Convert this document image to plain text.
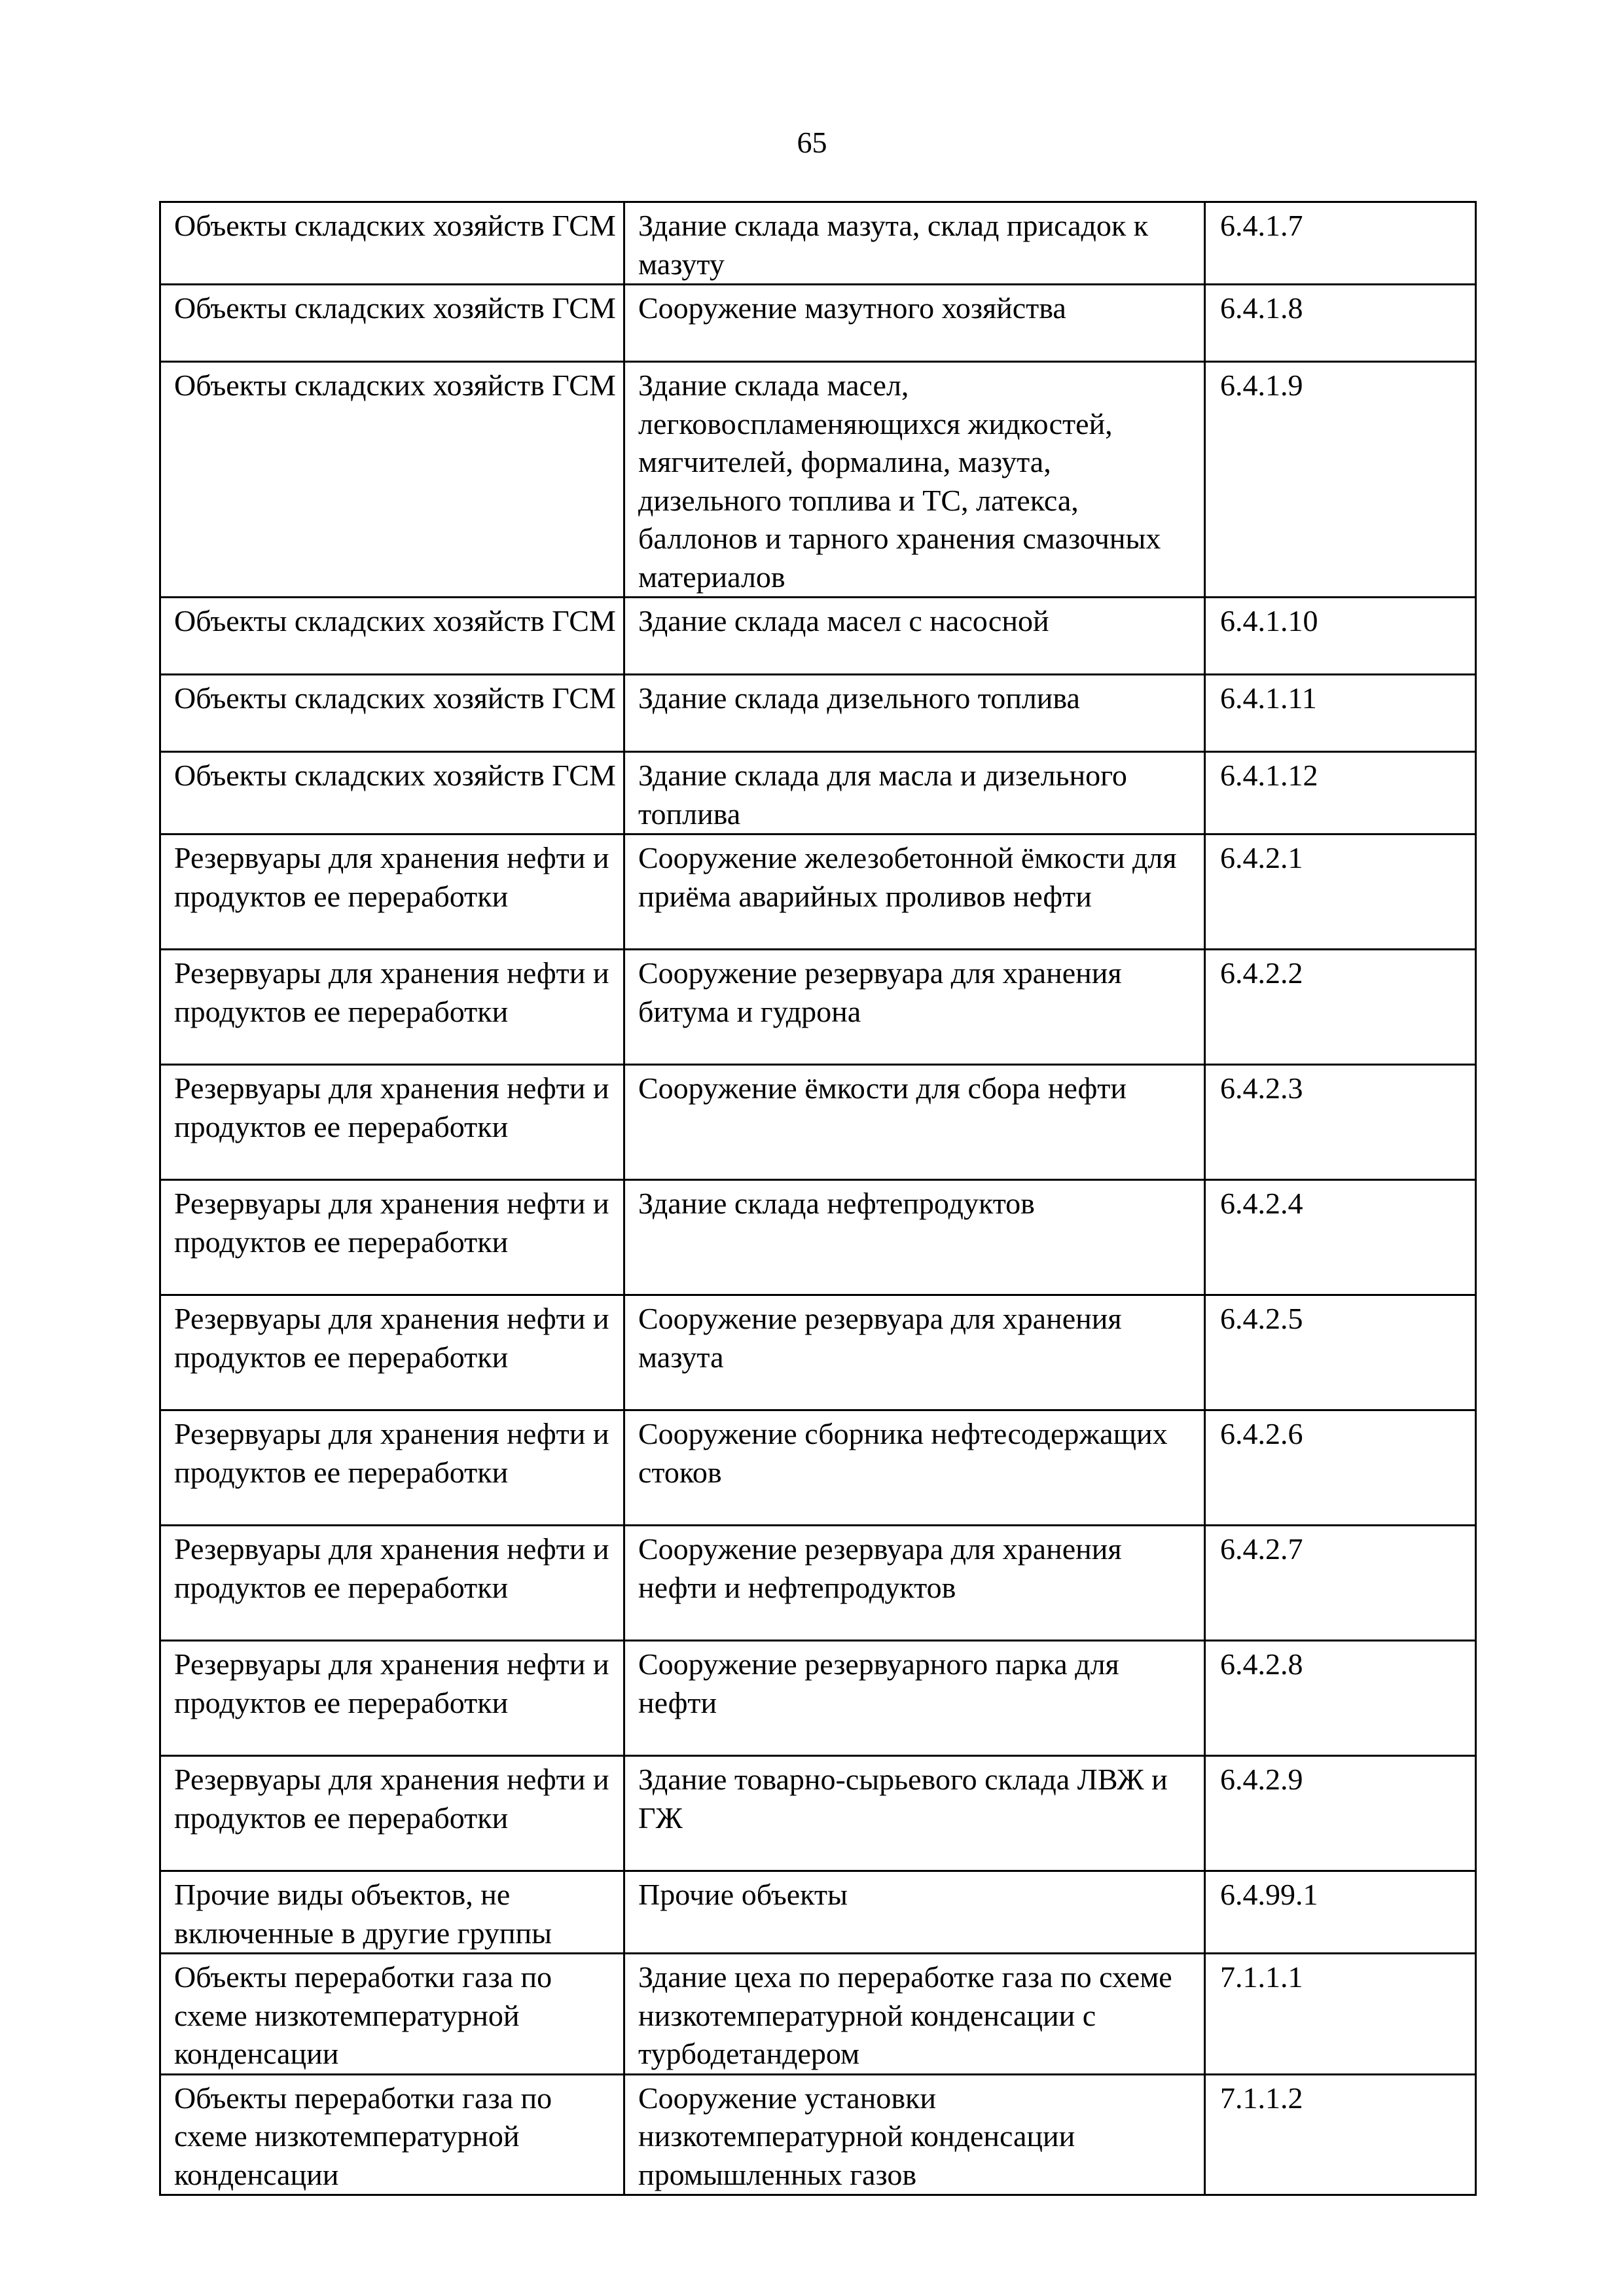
65
Объекты складских хозяйств ГСМ	Здание склада мазута, склад присадок к мазуту	6.4.1.7
Объекты складских хозяйств ГСМ	Сооружение мазутного хозяйства	6.4.1.8
Объекты складских хозяйств ГСМ	Здание склада масел, легковоспламеняющихся жидкостей, мягчителей, формалина, мазута, дизельного топлива и ТС, латекса, баллонов и тарного хранения смазочных материалов	6.4.1.9
Объекты складских хозяйств ГСМ	Здание склада масел с насосной	6.4.1.10
Объекты складских хозяйств ГСМ	Здание склада дизельного топлива	6.4.1.11
Объекты складских хозяйств ГСМ	Здание склада для масла и дизельного топлива	6.4.1.12
Резервуары для хранения нефти и продуктов ее переработки	Сооружение железобетонной ёмкости для приёма аварийных проливов нефти	6.4.2.1
Резервуары для хранения нефти и продуктов ее переработки	Сооружение резервуара для хранения битума и гудрона	6.4.2.2
Резервуары для хранения нефти и продуктов ее переработки	Сооружение ёмкости для сбора нефти	6.4.2.3
Резервуары для хранения нефти и продуктов ее переработки	Здание склада нефтепродуктов	6.4.2.4
Резервуары для хранения нефти и продуктов ее переработки	Сооружение резервуара для хранения мазута	6.4.2.5
Резервуары для хранения нефти и продуктов ее переработки	Сооружение сборника нефтесодержащих стоков	6.4.2.6
Резервуары для хранения нефти и продуктов ее переработки	Сооружение резервуара для хранения нефти и нефтепродуктов	6.4.2.7
Резервуары для хранения нефти и продуктов ее переработки	Сооружение резервуарного парка для нефти	6.4.2.8
Резервуары для хранения нефти и продуктов ее переработки	Здание товарно-сырьевого склада ЛВЖ и ГЖ	6.4.2.9
Прочие виды объектов, не включенные в другие группы	Прочие объекты	6.4.99.1
Объекты переработки газа по схеме низкотемпературной конденсации	Здание цеха по переработке газа по схеме низкотемпературной конденсации с турбодетандером	7.1.1.1
Объекты переработки газа по схеме низкотемпературной конденсации	Сооружение установки низкотемпературной конденсации промышленных газов	7.1.1.2
